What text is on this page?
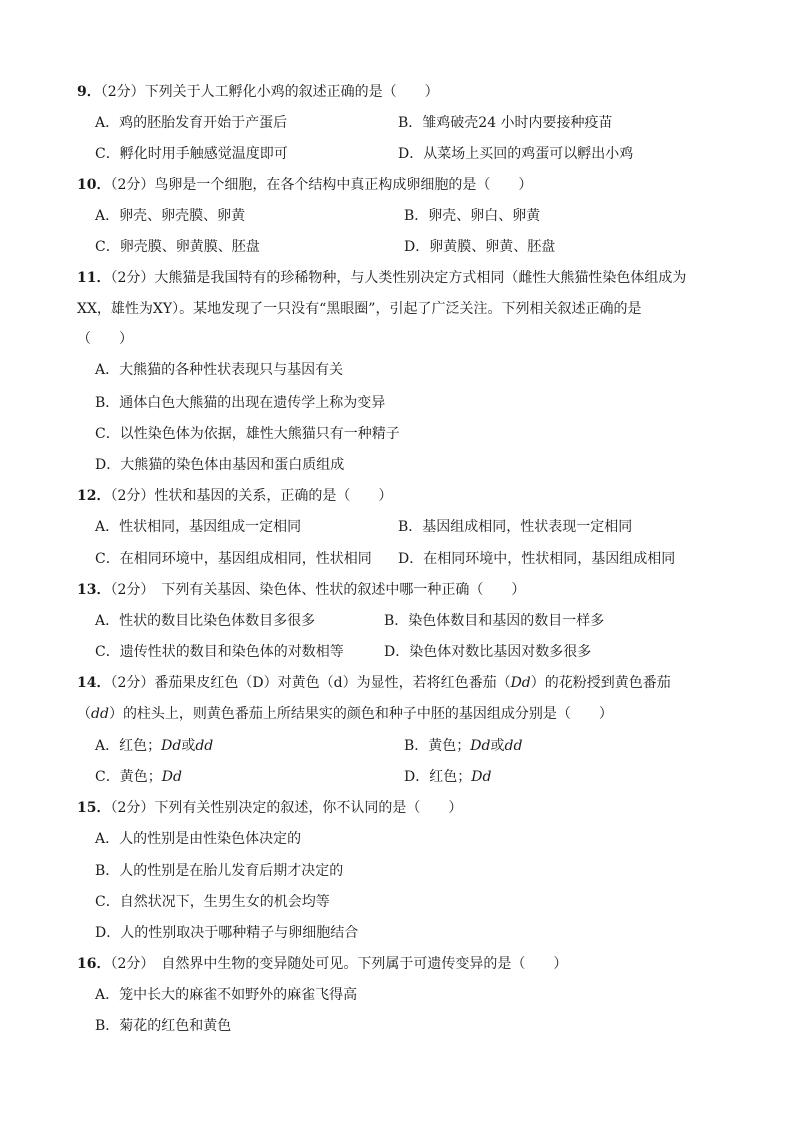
9．（2分）下列关于人工孵化小鸡的叙述正确的是（　　）
A．鸡的胚胎发育开始于产蛋后	B．雏鸡破壳24 小时内要接种疫苗
C．孵化时用手触感觉温度即可	D．从菜场上买回的鸡蛋可以孵出小鸡
10．（2分）鸟卵是一个细胞，在各个结构中真正构成卵细胞的是（　　）
A．卵壳、卵壳膜、卵黄	B．卵壳、卵白、卵黄
C．卵壳膜、卵黄膜、胚盘	D．卵黄膜、卵黄、胚盘
11．（2分）大熊猫是我国特有的珍稀物种，与人类性别决定方式相同（雌性大熊猫性染色体组成为
XX，雄性为XY）。某地发现了一只没有“黑眼圈”，引起了广泛关注。下列相关叙述正确的是
（　　）
A．大熊猫的各种性状表现只与基因有关
B．通体白色大熊猫的出现在遗传学上称为变异
C．以性染色体为依据，雄性大熊猫只有一种精子
D．大熊猫的染色体由基因和蛋白质组成
12．（2分）性状和基因的关系，正确的是（　　）
A．性状相同，基因组成一定相同	B．基因组成相同，性状表现一定相同
C．在相同环境中，基因组成相同，性状相同 D．在相同环境中，性状相同，基因组成相同
13．（2分）　下列有关基因、染色体、性状的叙述中哪一种正确（　　）
A．性状的数目比染色体数目多很多	B．染色体数目和基因的数目一样多
C．遗传性状的数目和染色体的对数相等	D．染色体对数比基因对数多很多
14．（2分）番茄果皮红色（D）对黄色（d）为显性，若将红色番茄（Dd）的花粉授到黄色番茄
（dd）的柱头上，则黄色番茄上所结果实的颜色和种子中胚的基因组成分别是（　　）
A．红色；Dd或dd	B．黄色；Dd或dd
C．黄色；Dd	D．红色；Dd
15．（2分）下列有关性别决定的叙述，你不认同的是（　　）
A．人的性别是由性染色体决定的
B．人的性别是在胎儿发育后期才决定的
C．自然状况下，生男生女的机会均等
D．人的性别取决于哪种精子与卵细胞结合
16．（2分）　自然界中生物的变异随处可见。下列属于可遗传变异的是（　　）
A．笼中长大的麻雀不如野外的麻雀飞得高
B．菊花的红色和黄色
